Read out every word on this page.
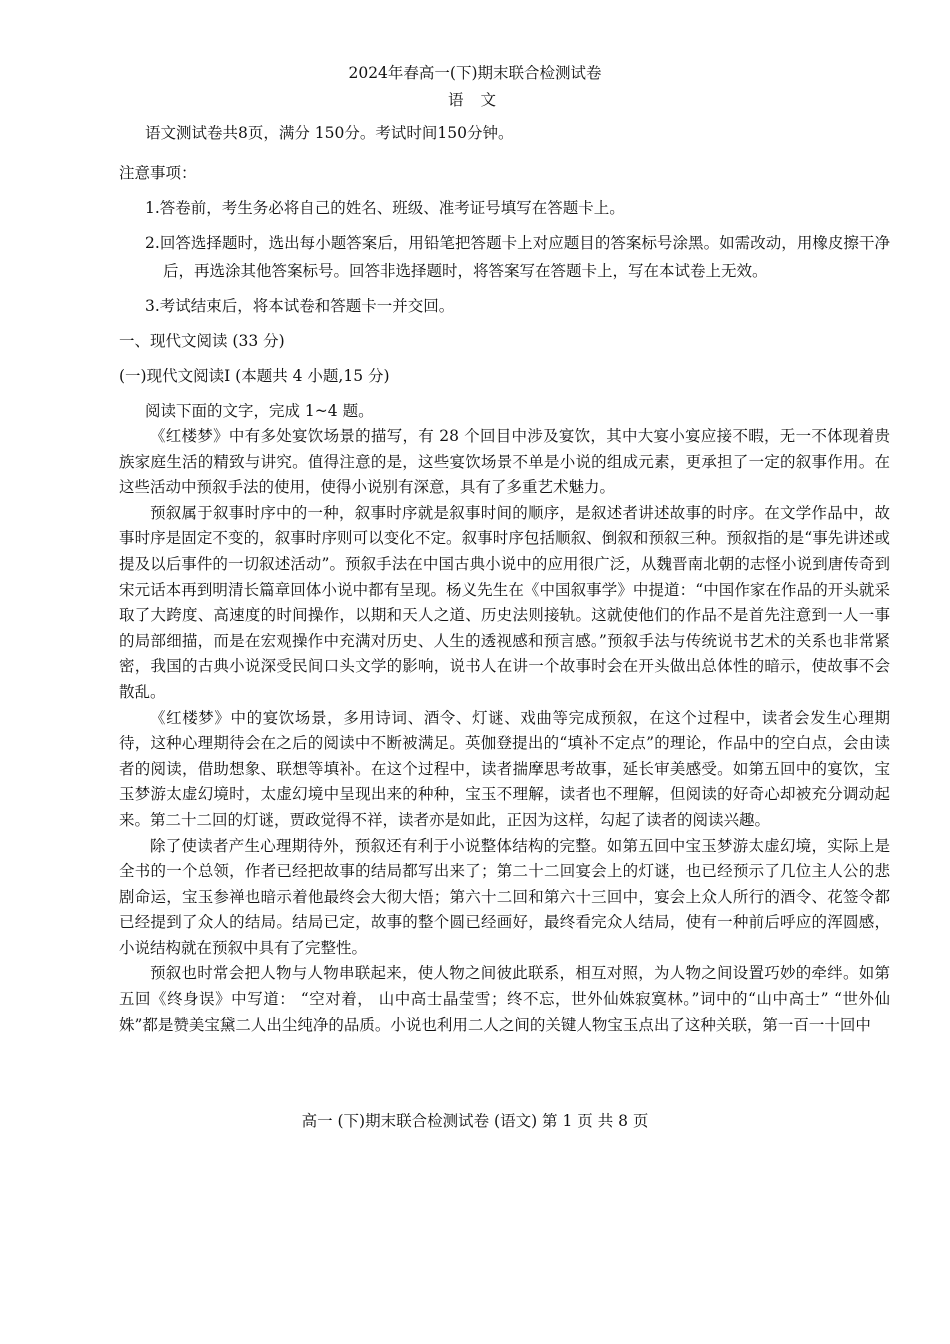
2024年春高一(下)期末联合检测试卷
语 文
语文测试卷共8页，满分 150分。考试时间150分钟。
注意事项：
1.答卷前，考生务必将自己的姓名、班级、准考证号填写在答题卡上。
2.回答选择题时，选出每小题答案后，用铅笔把答题卡上对应题目的答案标号涂黑。如需改动，用橡皮擦干净后，再选涂其他答案标号。回答非选择题时，将答案写在答题卡上，写在本试卷上无效。
3.考试结束后，将本试卷和答题卡一并交回。
一、现代文阅读 (33 分)
(一)现代文阅读Ⅰ (本题共 4 小题,15 分)
阅读下面的文字，完成 1~4 题。

《红楼梦》中有多处宴饮场景的描写，有 28 个回目中涉及宴饮，其中大宴小宴应接不暇，无一不体现着贵族家庭生活的精致与讲究。值得注意的是，这些宴饮场景不单是小说的组成元素，更承担了一定的叙事作用。在这些活动中预叙手法的使用，使得小说别有深意，具有了多重艺术魅力。

预叙属于叙事时序中的一种，叙事时序就是叙事时间的顺序，是叙述者讲述故事的时序。在文学作品中，故事时序是固定不变的，叙事时序则可以变化不定。叙事时序包括顺叙、倒叙和预叙三种。预叙指的是“事先讲述或提及以后事件的一切叙述活动”。预叙手法在中国古典小说中的应用很广泛，从魏晋南北朝的志怪小说到唐传奇到宋元话本再到明清长篇章回体小说中都有呈现。杨义先生在《中国叙事学》中提道：“中国作家在作品的开头就采取了大跨度、高速度的时间操作，以期和天人之道、历史法则接轨。这就使他们的作品不是首先注意到一人一事的局部细描，而是在宏观操作中充满对历史、人生的透视感和预言感。”预叙手法与传统说书艺术的关系也非常紧密，我国的古典小说深受民间口头文学的影响，说书人在讲一个故事时会在开头做出总体性的暗示，使故事不会散乱。

《红楼梦》中的宴饮场景，多用诗词、酒令、灯谜、戏曲等完成预叙，在这个过程中，读者会发生心理期待，这种心理期待会在之后的阅读中不断被满足。英伽登提出的“填补不定点”的理论，作品中的空白点，会由读者的阅读，借助想象、联想等填补。在这个过程中，读者揣摩思考故事，延长审美感受。如第五回中的宴饮，宝玉梦游太虚幻境时，太虚幻境中呈现出来的种种，宝玉不理解，读者也不理解，但阅读的好奇心却被充分调动起来。第二十二回的灯谜，贾政觉得不祥，读者亦是如此，正因为这样，勾起了读者的阅读兴趣。

除了使读者产生心理期待外，预叙还有利于小说整体结构的完整。如第五回中宝玉梦游太虚幻境，实际上是全书的一个总领，作者已经把故事的结局都写出来了；第二十二回宴会上的灯谜，也已经预示了几位主人公的悲剧命运，宝玉参禅也暗示着他最终会大彻大悟；第六十二回和第六十三回中，宴会上众人所行的酒令、花签令都已经提到了众人的结局。结局已定，故事的整个圆已经画好，最终看完众人结局，使有一种前后呼应的浑圆感，小说结构就在预叙中具有了完整性。

预叙也时常会把人物与人物串联起来，使人物之间彼此联系，相互对照，为人物之间设置巧妙的牵绊。如第五回《终身误》中写道： “空对着， 山中高士晶莹雪；终不忘，世外仙姝寂寞林。”词中的“山中高士” “世外仙姝”都是赞美宝黛二人出尘纯净的品质。小说也利用二人之间的关键人物宝玉点出了这种关联，第一百一十回中

高一 (下)期末联合检测试卷 (语文) 第 1 页 共 8 页
